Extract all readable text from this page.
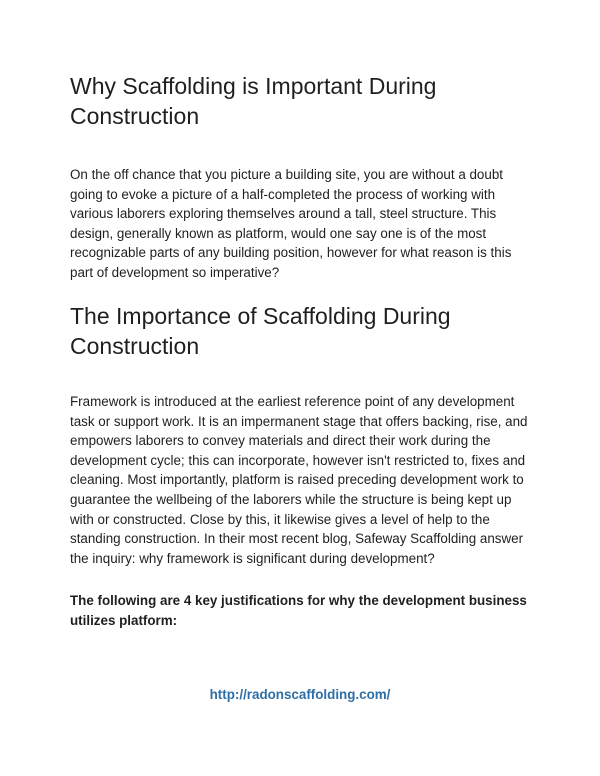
Why Scaffolding is Important During Construction

On the off chance that you picture a building site, you are without a doubt going to evoke a picture of a half-completed the process of working with various laborers exploring themselves around a tall, steel structure. This design, generally known as platform, would one say one is of the most recognizable parts of any building position, however for what reason is this part of development so imperative?

The Importance of Scaffolding During Construction

Framework is introduced at the earliest reference point of any development task or support work. It is an impermanent stage that offers backing, rise, and empowers laborers to convey materials and direct their work during the development cycle; this can incorporate, however isn't restricted to, fixes and cleaning. Most importantly, platform is raised preceding development work to guarantee the wellbeing of the laborers while the structure is being kept up with or constructed. Close by this, it likewise gives a level of help to the standing construction. In their most recent blog, Safeway Scaffolding answer the inquiry: why framework is significant during development?

The following are 4 key justifications for why the development business utilizes platform:

http://radonscaffolding.com/
